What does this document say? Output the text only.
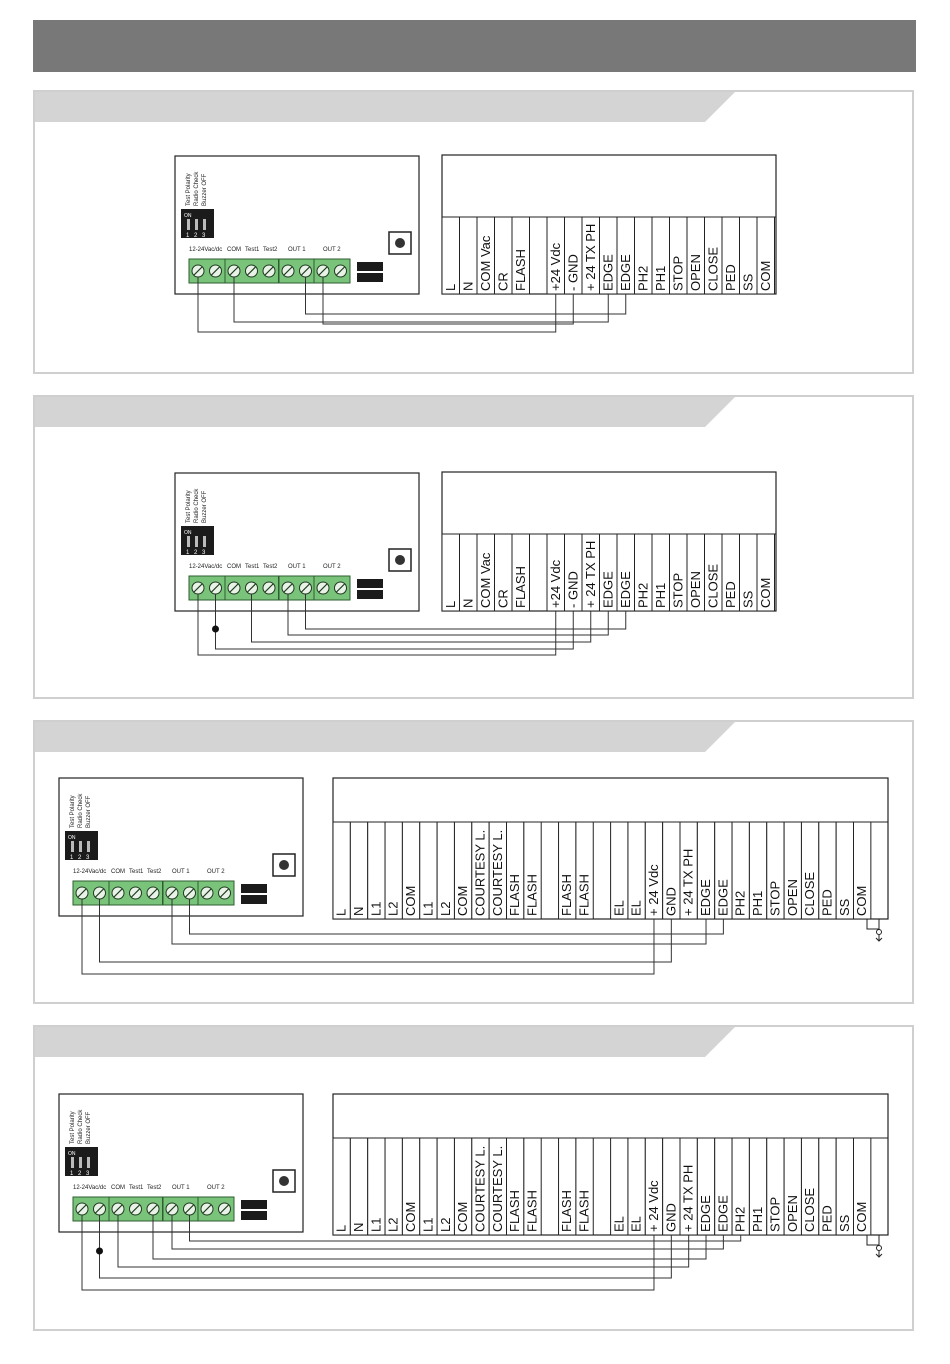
Test Polarity Radio Check Buzzer OFF
ON
1 2 3
12-24Vac/dc COM Test1 Test2 OUT 1	OUT 2
L N COM Vac CR FLASH +24 Vdc - GND + 24 TX PH EDGE EDGE PH2 PH1 STOP OPEN CLOSE PED SS COM
Test Polarity Radio Check Buzzer OFF
ON
1 2 3
12-24Vac/dc COM Test1 Test2 OUT 1	OUT 2
L N COM Vac CR FLASH +24 Vdc - GND + 24 TX PH EDGE EDGE PH2 PH1 STOP OPEN CLOSE PED SS COM
Test Polarity Radio Check Buzzer OFF
ON
1 2 3
12-24Vac/dc COM Test1 Test2 OUT 1	OUT 2
L N L1 L2 COM L1 L2 COM COURTESY L. COURTESY L. FLASH FLASH FLASH FLASH EL EL + 24 Vdc GND + 24 TX PH EDGE EDGE PH2 PH1 STOP OPEN CLOSE PED SS COM
Test Polarity Radio Check Buzzer OFF
ON
1 2 3
12-24Vac/dc COM Test1 Test2 OUT 1	OUT 2
L N L1 L2 COM L1 L2 COM COURTESY L. COURTESY L. FLASH FLASH FLASH FLASH EL EL + 24 Vdc GND + 24 TX PH EDGE EDGE PH2 PH1 STOP OPEN CLOSE PED SS COM
